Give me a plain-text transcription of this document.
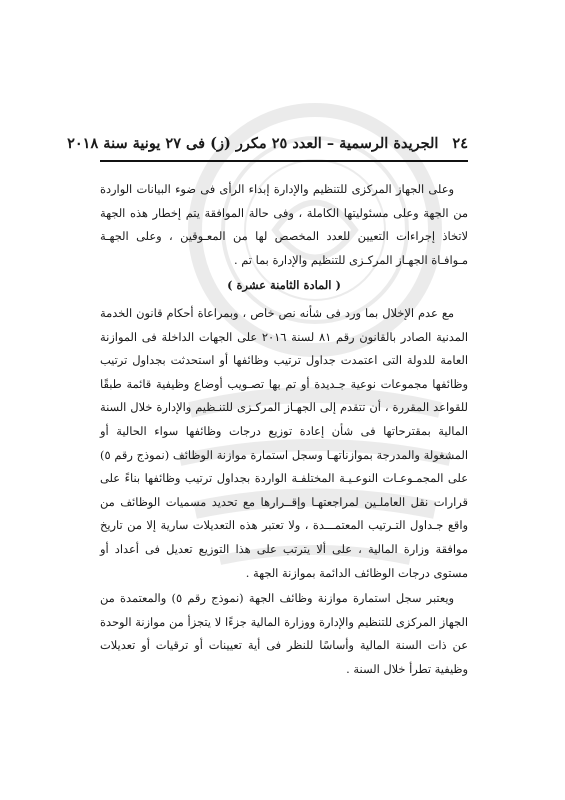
٢٤
الجريدة الرسمية – العدد ٢٥ مكرر (ز) فى ٢٧ يونية سنة ٢٠١٨

وعلى الجهاز المركزى للتنظيم والإدارة إبداء الرأى فى ضوء البيانات الواردة من الجهة وعلى مسئوليتها الكاملة ، وفى حالة الموافقة يتم إخطار هذه الجهة لاتخاذ إجراءات التعيين للعدد المخصص لها من المعـوقين ، وعلى الجهـة مـوافـاة الجهـاز المركـزى للتنظيم والإدارة بما تم .

( المادة الثامنة عشرة )

مع عدم الإخلال بما ورد فى شأنه نص خاص ، وبمراعاة أحكام قانون الخدمة المدنية الصادر بالقانون رقم ٨١ لسنة ٢٠١٦ على الجهات الداخلة فى الموازنة العامة للدولة التى اعتمدت جداول ترتيب وظائفها أو استحدثت بجداول ترتيب وظائفها مجموعات نوعية جـديدة أو تم بها تصـويب أوضاع وظيفية قائمة طبقًا للقواعد المقررة ، أن تتقدم إلى الجهـاز المركـزى للتنـظيم والإدارة خلال السنة المالية بمقترحاتها فى شأن إعادة توزيع درجات وظائفها سواء الحالية أو المشغولة والمدرجة بموازناتهـا وسجل استمارة موازنة الوظائف (نموذج رقم ٥) على المجمـوعـات النوعـيـة المختلفـة الواردة بجداول ترتيب وظائفها بناءً على قرارات نقل العاملـين لمراجعتهـا وإقــرارها مع تحديد مسميات الوظائف من واقع جـداول التـرتيب المعتمـــدة ، ولا تعتبر هذه التعديلات سارية إلا من تاريخ موافقة وزارة المالية ، على ألا يترتب على هذا التوزيع تعديل فى أعداد أو مستوى درجات الوظائف الدائمة بموازنة الجهة .

ويعتبر سجل استمارة موازنة وظائف الجهة (نموذج رقم ٥) والمعتمدة من الجهاز المركزى للتنظيم والإدارة ووزارة المالية جزءًا لا يتجزأ من موازنة الوحدة عن ذات السنة المالية وأساسًا للنظر فى أية تعيينات أو ترقيات أو تعديلات وظيفية تطرأ خلال السنة .
